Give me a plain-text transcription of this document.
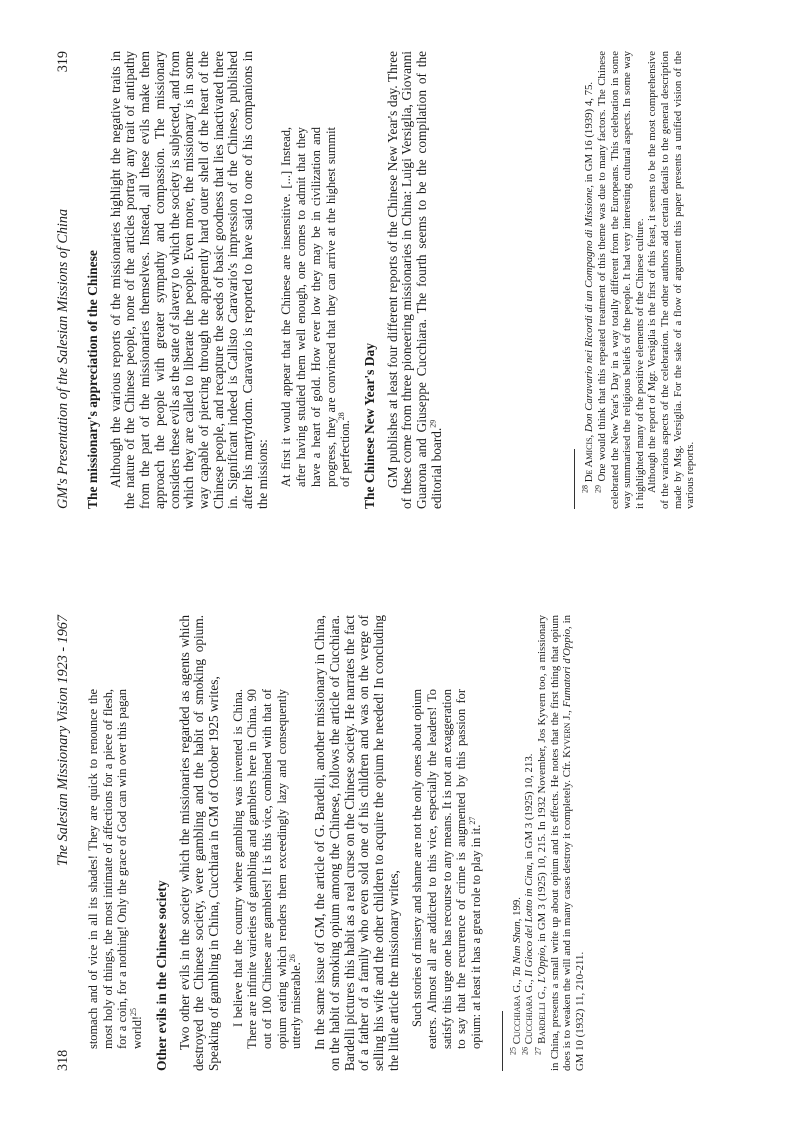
318
The Salesian Missionary Vision 1923 - 1967 stomach and of vice in all its shades! They are quick to renounce the most holy of things, the most intimate of affections for a piece of flesh, for a coin, for a nothing! Only the grace of God can win over this pagan world!$^{25}$	Other evils in the Chinese society Two other evils in the society which the missionaries regarded as agents which destroyed the Chinese society, were gambling and the habit of smoking opium. Speaking of gambling in China, Cucchiara in GM of October 1925 writes, I believe that the country where gambling was invented is China. There are infinite varieties of gambling and gamblers here in China. 90 out of 100 Chinese are gamblers! It is this vice, combined with that of opium eating which renders them exceedingly lazy and consequently utterly miserable.$^{26}$	In the same issue of GM, the article of G. Bardelli, another missionary in China, on the habit of smoking opium among the Chinese, follows the article of Cucchiara. Bardelli pictures this habit as a real curse on the Chinese society. He narrates the fact of a father of a family who even sold one of his children and was on the verge of selling his wife and the other children to acquire the opium he needed! In concluding the little article the missionary writes, Such stories of misery and shame are not the only ones about opium eaters. Almost all are addicted to this vice, especially the leaders! To satisfy this urge one has recourse to any means. It is not an exaggeration to say that the recurrence of crime is augmented by this passion for opium: at least it has a great role to play in it.$^{27}$

$^{25}$ Cucchiara G., Ta Nan Shan, 199.

$^{26}$ Cucchiara G., Il Gioco del Lotto in Cina, in GM 3 (1925) 10, 213.

$^{27}$ Bardelli G., L'Oppio, in GM 3 (1925) 10, 215. In 1932 November, Jos Kyvern too, a missionary in China, presents a small write up about opium and its effects. He notes that the first thing that opium does is to weaken the will and in many cases destroy it completely. Cfr. Kyvern J., Fumatori d'Oppio, in GM 10 (1932) 11, 210-211.

GM's Presentation of the Salesian Missions of China
319
The missionary's appreciation of the Chinese Although the various reports of the missionaries highlight the negative traits in the nature of the Chinese people, none of the articles portray any trait of antipathy from the part of the missionaries themselves. Instead, all these evils make them approach the people with greater sympathy and compassion. The missionary considers these evils as the state of slavery to which the society is subjected, and from which they are called to liberate the people. Even more, the missionary is in some way capable of piercing through the apparently hard outer shell of the heart of the Chinese people, and recapture the seeds of basic goodness that lies inactivated there in. Significant indeed is Callisto Caravario's impression of the Chinese, published after his martyrdom. Caravario is reported to have said to one of his companions in the missions: At first it would appear that the Chinese are insensitive. [...] Instead, after having studied them well enough, one comes to admit that they have a heart of gold. How ever low they may be in civilization and progress, they are convinced that they can arrive at the highest summit of perfection.$^{28}$	The Chinese New Year's Day GM publishes at least four different reports of the Chinese New Year's day. Three of these come from three pioneering missionaries in China: Luigi Versiglia, Giovanni Guarona and Giuseppe Cucchiara. The fourth seems to be the compilation of the editorial board.$^{29}$

$^{28}$ De Amicis, Don Caravario nei Ricordi di un Compagno di Missione, in GM 16 (1939) 4, 75.

$^{29}$ One would think that this repeated treatment of this theme was due to many factors. The Chinese celebrated the New Year's Day in a way totally different from the Europeans. This celebration in some way summarised the religious beliefs of the people. It had very interesting cultural aspects. In some way it highlighted many of the positive elements of the Chinese culture. Although the report of Mgr. Versiglia is the first of this feast, it seems to be the most comprehensive of the various aspects of the celebration. The other authors add certain details to the general description made by Msg. Versiglia. For the sake of a flow of argument this paper presents a unified vision of the various reports.
